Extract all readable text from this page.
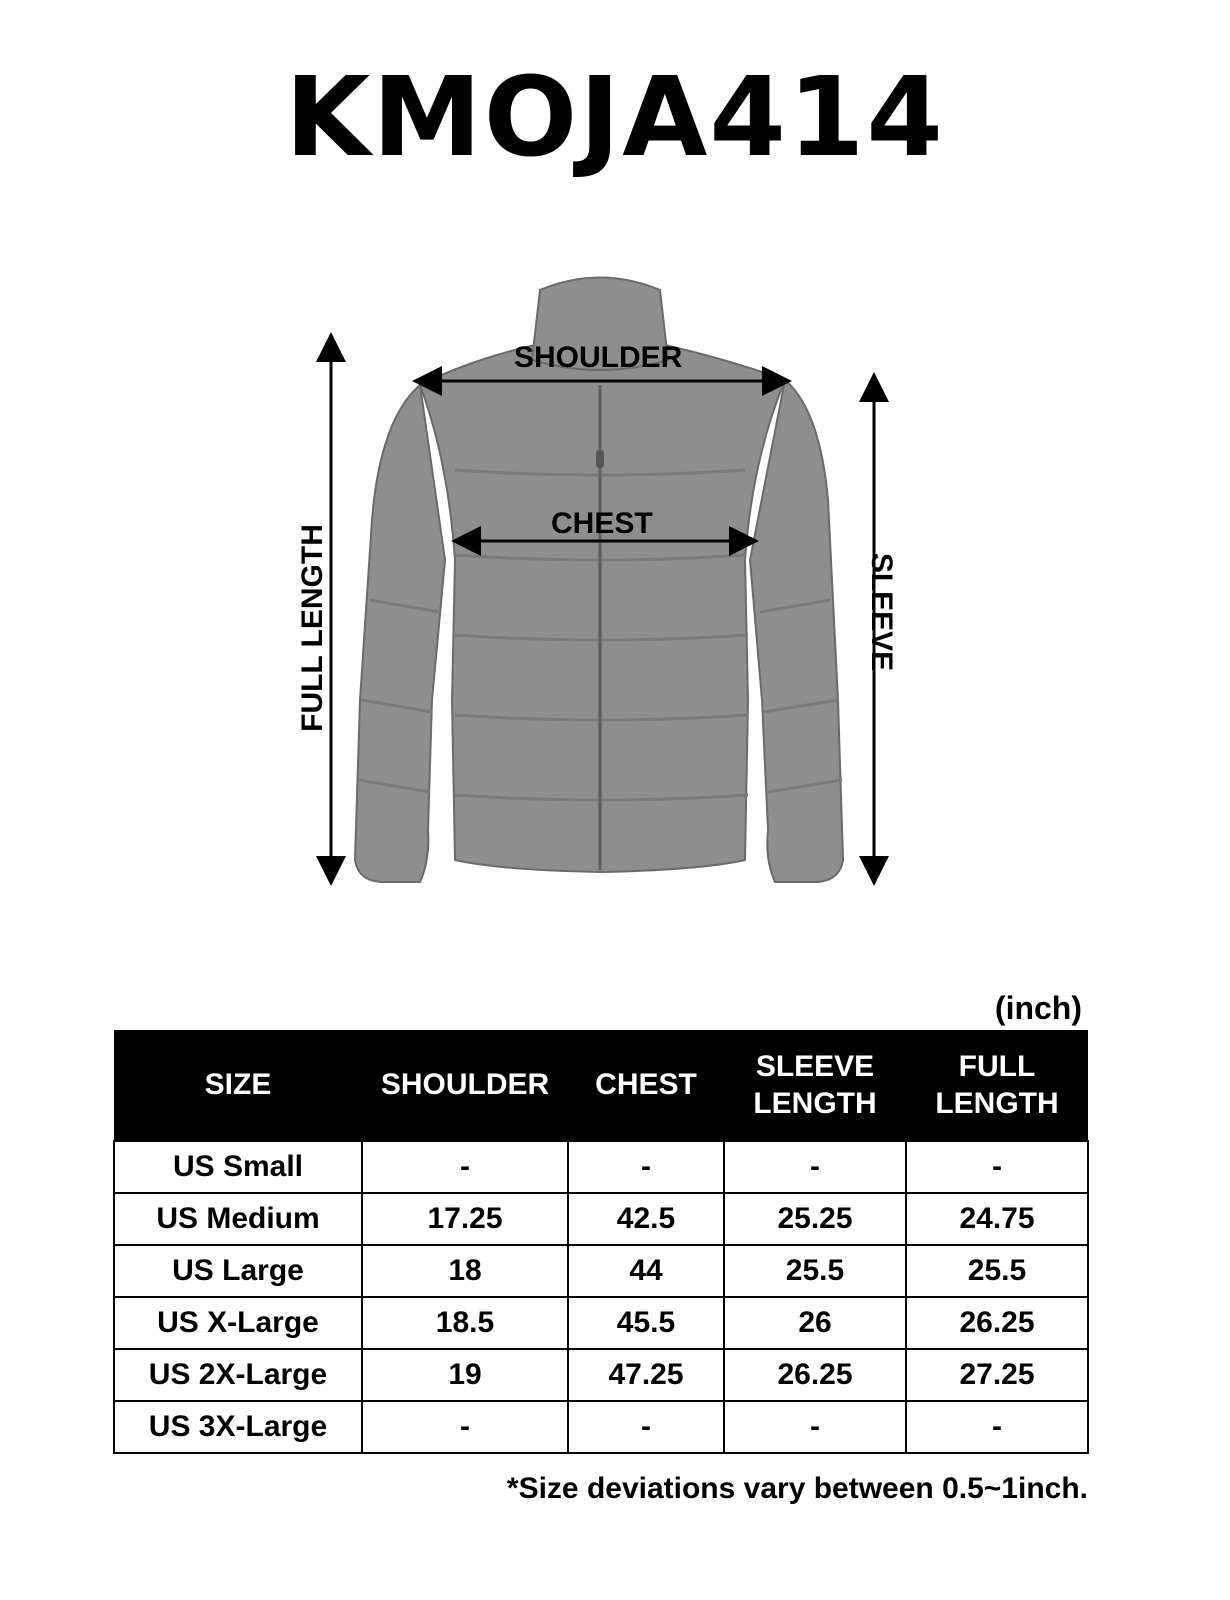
KMOJA414
SHOULDER
CHEST
FULL LENGTH	SLEEVE
(inch)
SIZE	SHOULDER	CHEST	SLEEVE LENGTH	FULL LENGTH

US Small	-	-	-	-
US Medium	17.25	42.5	25.25	24.75
US Large	18	44	25.5	25.5
US X-Large	18.5	45.5	26	26.25
US 2X-Large	19	47.25	26.25	27.25
US 3X-Large	-	-	-	-
*Size deviations vary between 0.5~1inch.
